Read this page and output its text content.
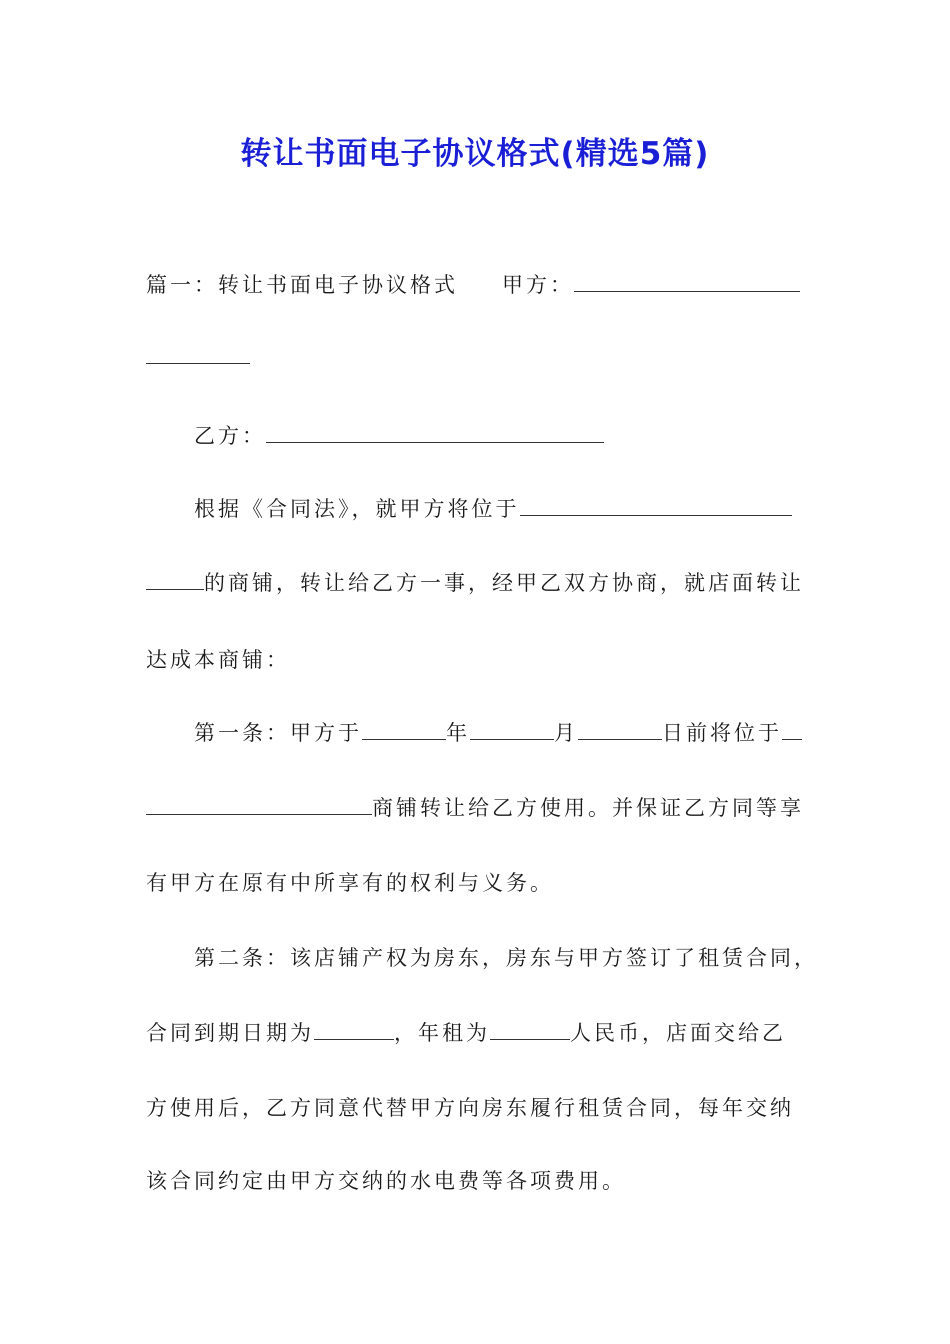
转让书面电子协议格式(精选5篇)
篇一：转让书面电子协议格式 甲方：
乙方：
根据《合同法》，就甲方将位于
的商铺，转让给乙方一事，经甲乙双方协商，就店面转让
达成本商铺：
第一条：甲方于	年	月	日前将位于
商铺转让给乙方使用。并保证乙方同等享
有甲方在原有中所享有的权利与义务。
第二条：该店铺产权为房东，房东与甲方签订了租赁合同，
合同到期日期为	，年租为	人民币，店面交给乙
方使用后，乙方同意代替甲方向房东履行租赁合同，每年交纳
该合同约定由甲方交纳的水电费等各项费用。
